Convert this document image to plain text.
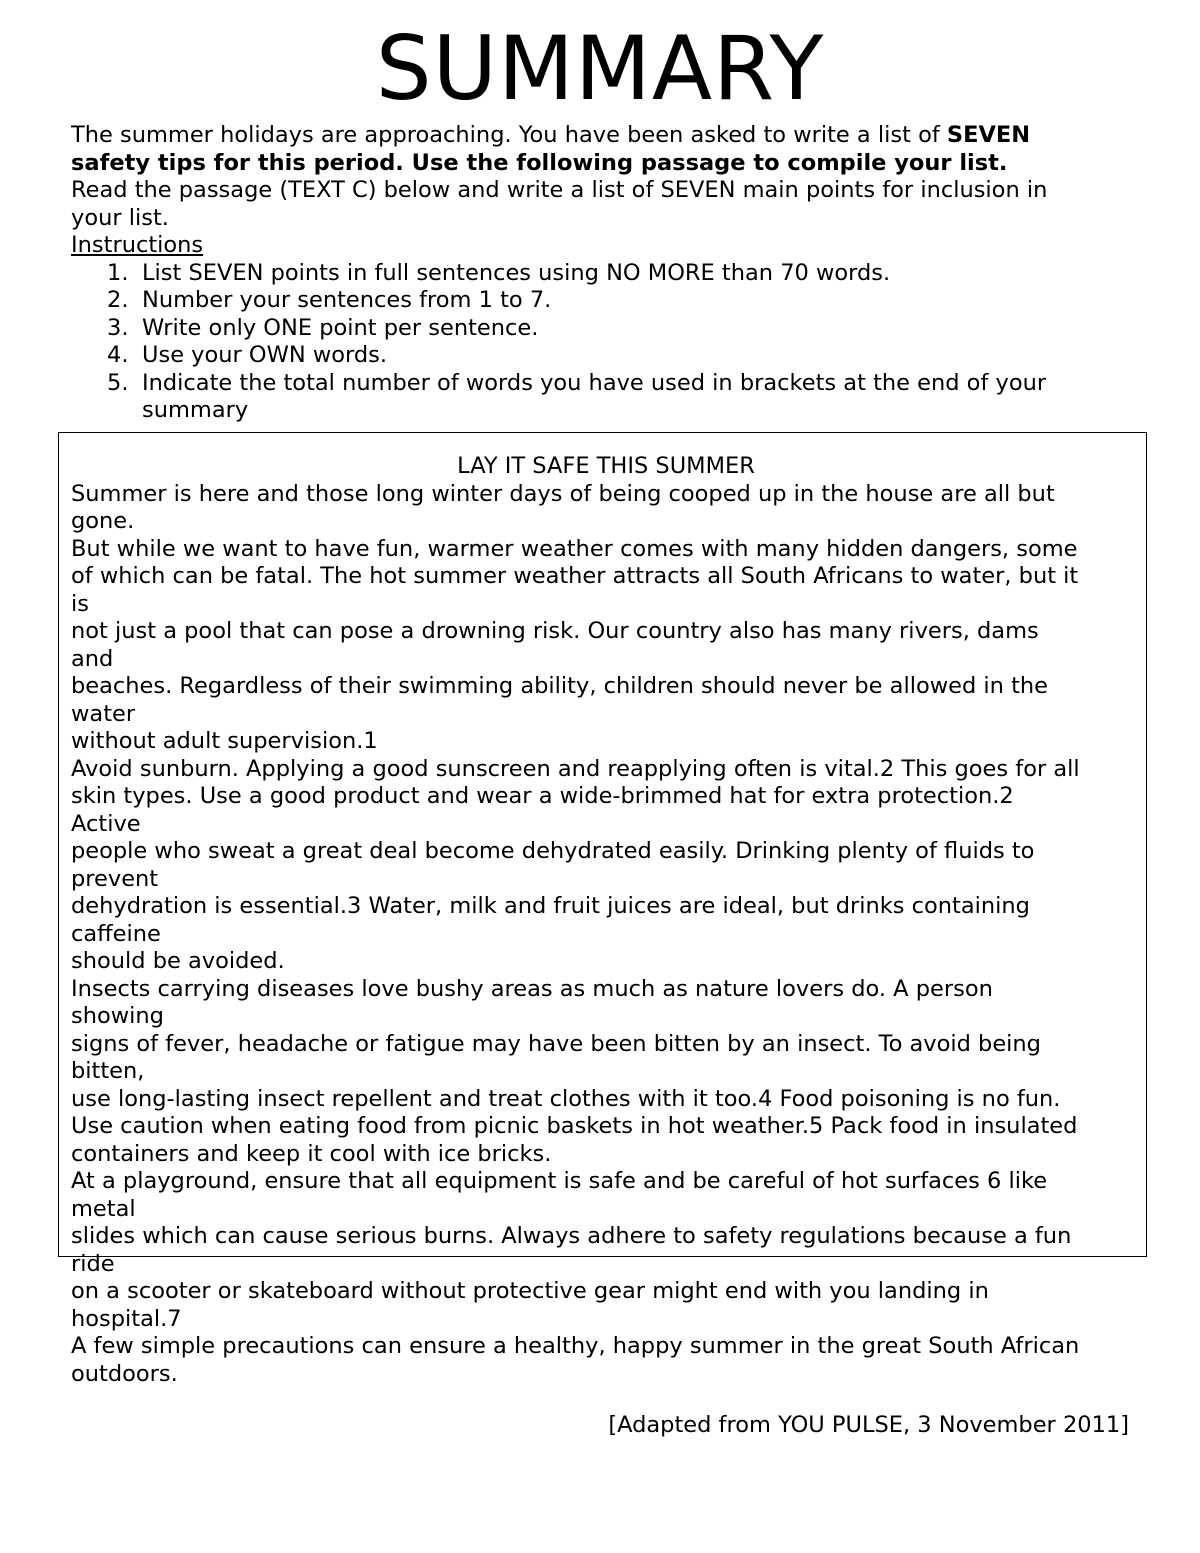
SUMMARY

The summer holidays are approaching. You have been asked to write a list of SEVEN

safety tips for this period. Use the following passage to compile your list.

Read the passage (TEXT C) below and write a list of SEVEN main points for inclusion in

your list.

Instructions

1. List SEVEN points in full sentences using NO MORE than 70 words.
2. Number your sentences from 1 to 7.
3. Write only ONE point per sentence.
4. Use your OWN words.
5. Indicate the total number of words you have used in brackets at the end of your
summary
LAY IT SAFE THIS SUMMER
Summer is here and those long winter days of being cooped up in the house are all but
gone.
But while we want to have fun, warmer weather comes with many hidden dangers, some
of which can be fatal. The hot summer weather attracts all South Africans to water, but it
is
not just a pool that can pose a drowning risk. Our country also has many rivers, dams
and
beaches. Regardless of their swimming ability, children should never be allowed in the
water
without adult supervision.1
Avoid sunburn. Applying a good sunscreen and reapplying often is vital.2 This goes for all
skin types. Use a good product and wear a wide-brimmed hat for extra protection.2
Active
people who sweat a great deal become dehydrated easily. Drinking plenty of fluids to
prevent
dehydration is essential.3 Water, milk and fruit juices are ideal, but drinks containing
caffeine
should be avoided.
Insects carrying diseases love bushy areas as much as nature lovers do. A person
showing
signs of fever, headache or fatigue may have been bitten by an insect. To avoid being
bitten,
use long-lasting insect repellent and treat clothes with it too.4 Food poisoning is no fun.
Use caution when eating food from picnic baskets in hot weather.5 Pack food in insulated
containers and keep it cool with ice bricks.
At a playground, ensure that all equipment is safe and be careful of hot surfaces 6 like
metal
slides which can cause serious burns. Always adhere to safety regulations because a fun
ride
on a scooter or skateboard without protective gear might end with you landing in
hospital.7
A few simple precautions can ensure a healthy, happy summer in the great South African
outdoors.
[Adapted from YOU PULSE, 3 November 2011]
